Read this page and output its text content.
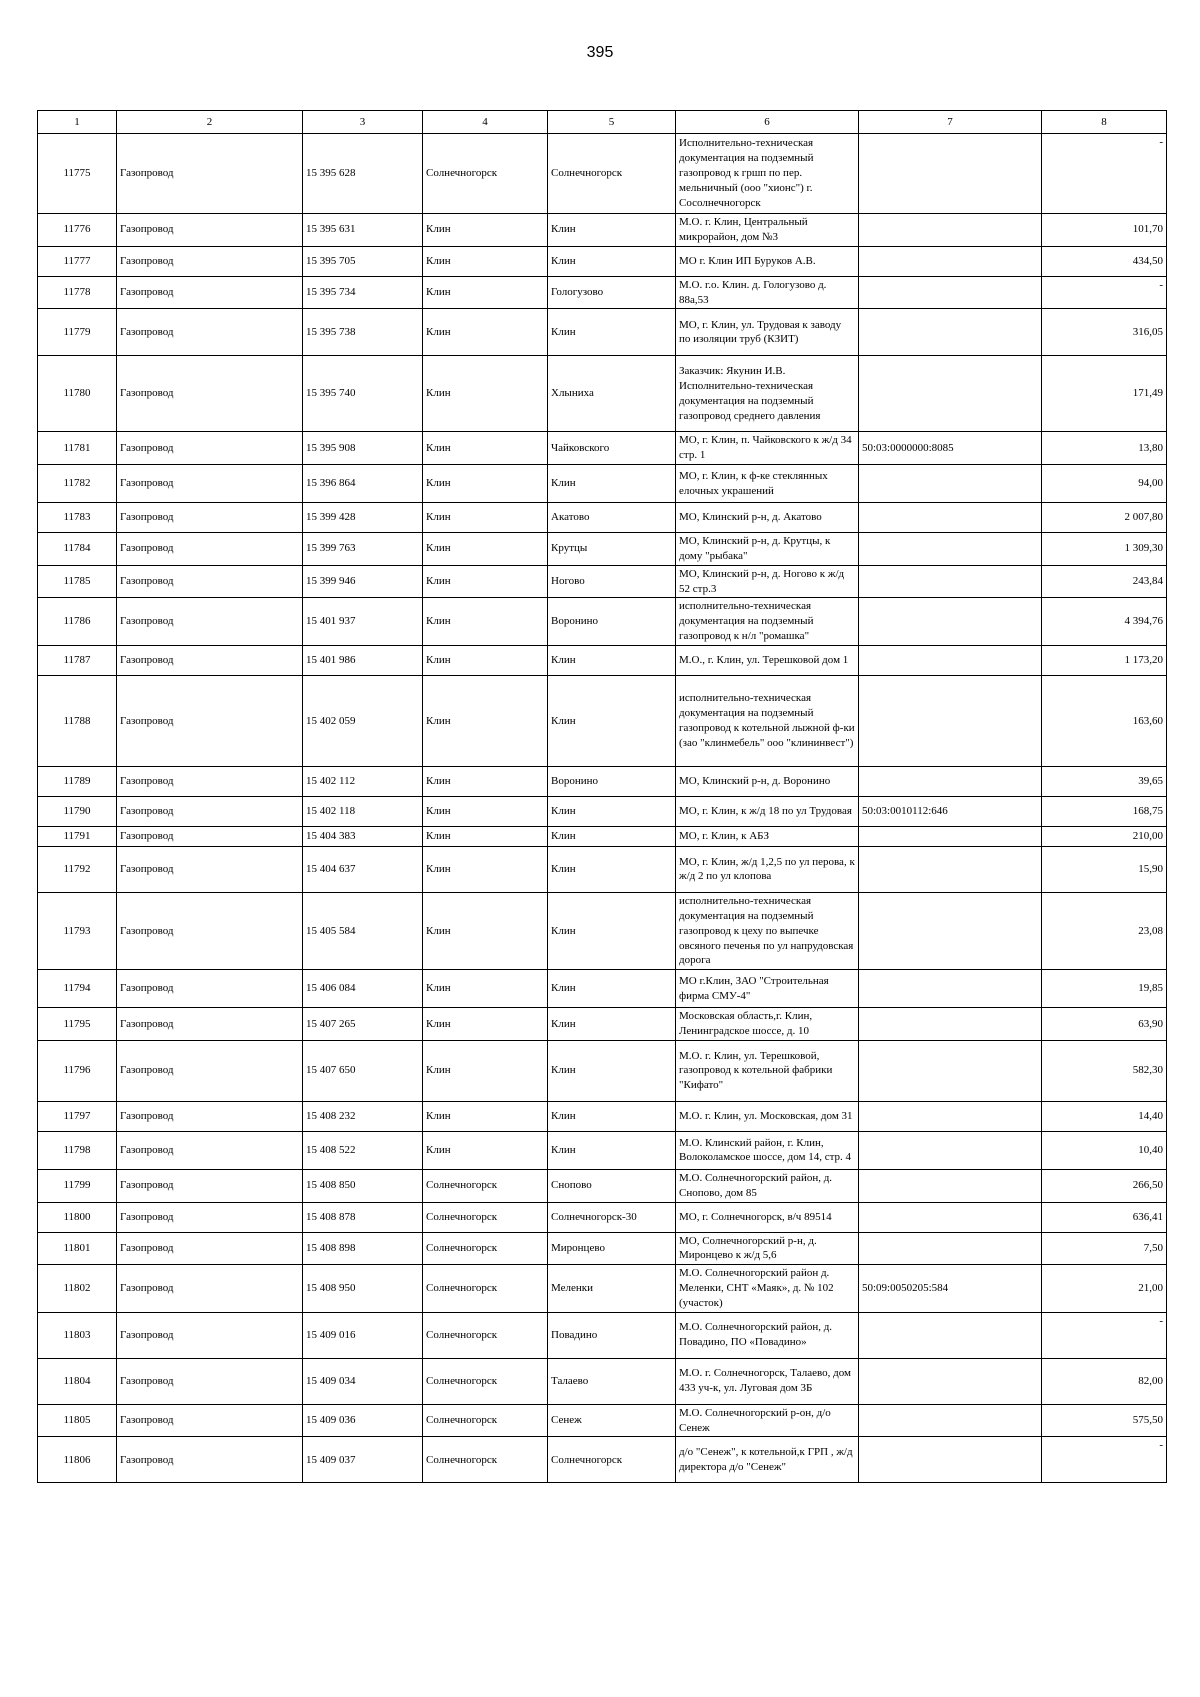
395
1	2	3	4	5	6	7	8
11775	Газопровод	15 395 628	Солнечногорск	Солнечногорск	Исполнительно-техническая документация на подземный газопровод к гршп по пер. мельничный (ооо "хионс") г. Сосолнечногорск		-
11776	Газопровод	15 395 631	Клин	Клин	М.О. г. Клин, Центральный микрорайон, дом №3		101,70
11777	Газопровод	15 395 705	Клин	Клин	МО г. Клин ИП Буруков А.В.		434,50
11778	Газопровод	15 395 734	Клин	Гологузово	М.О. г.о. Клин. д. Гологузово д. 88а,53		-
11779	Газопровод	15 395 738	Клин	Клин	МО, г. Клин, ул. Трудовая к заводу по изоляции труб (КЗИТ)		316,05
11780	Газопровод	15 395 740	Клин	Хлыниха	Заказчик: Якунин И.В. Исполнительно-техническая документация на подземный газопровод среднего давления		171,49
11781	Газопровод	15 395 908	Клин	Чайковского	МО, г. Клин, п. Чайковского к ж/д 34 стр. 1	50:03:0000000:8085	13,80
11782	Газопровод	15 396 864	Клин	Клин	МО, г. Клин, к ф-ке стеклянных елочных украшений		94,00
11783	Газопровод	15 399 428	Клин	Акатово	МО, Клинский р-н, д. Акатово		2 007,80
11784	Газопровод	15 399 763	Клин	Крутцы	МО, Клинский р-н, д. Крутцы, к дому "рыбака"		1 309,30
11785	Газопровод	15 399 946	Клин	Ногово	МО, Клинский р-н, д. Ногово к ж/д 52 стр.3		243,84
11786	Газопровод	15 401 937	Клин	Воронино	исполнительно-техническая документация на подземный газопровод к н/л "ромашка"		4 394,76
11787	Газопровод	15 401 986	Клин	Клин	М.О., г. Клин, ул. Терешковой дом 1		1 173,20
11788	Газопровод	15 402 059	Клин	Клин	исполнительно-техническая документация на подземный газопровод к котельной лыжной ф-ки (зао "клинмебель" ооо "клининвест")		163,60
11789	Газопровод	15 402 112	Клин	Воронино	МО, Клинский р-н, д. Воронино		39,65
11790	Газопровод	15 402 118	Клин	Клин	МО, г. Клин, к ж/д 18 по ул Трудовая	50:03:0010112:646	168,75
11791	Газопровод	15 404 383	Клин	Клин	МО, г. Клин, к АБЗ		210,00
11792	Газопровод	15 404 637	Клин	Клин	МО, г. Клин, ж/д 1,2,5 по ул перова, к ж/д 2 по ул клопова		15,90
11793	Газопровод	15 405 584	Клин	Клин	исполнительно-техническая документация на подземный газопровод к цеху по выпечке овсяного печенья по ул напрудовская дорога		23,08
11794	Газопровод	15 406 084	Клин	Клин	МО г.Клин, ЗАО "Строительная фирма СМУ-4"		19,85
11795	Газопровод	15 407 265	Клин	Клин	Московская область,г. Клин, Ленинградское шоссе, д. 10		63,90
11796	Газопровод	15 407 650	Клин	Клин	М.О. г. Клин, ул. Терешковой, газопровод к котельной фабрики "Кифато"		582,30
11797	Газопровод	15 408 232	Клин	Клин	М.О. г. Клин, ул. Московская, дом 31		14,40
11798	Газопровод	15 408 522	Клин	Клин	М.О. Клинский район, г. Клин, Волоколамское шоссе, дом 14, стр. 4		10,40
11799	Газопровод	15 408 850	Солнечногорск	Снопово	М.О. Солнечногорский район, д. Снопово, дом 85		266,50
11800	Газопровод	15 408 878	Солнечногорск	Солнечногорск-30	МО, г. Солнечногорск, в/ч 89514		636,41
11801	Газопровод	15 408 898	Солнечногорск	Миронцево	МО, Солнечногорский р-н, д. Миронцево к ж/д 5,6		7,50
11802	Газопровод	15 408 950	Солнечногорск	Меленки	М.О. Солнечногорский район д. Меленки, СНТ «Маяк», д. № 102 (участок)	50:09:0050205:584	21,00
11803	Газопровод	15 409 016	Солнечногорск	Повадино	М.О. Солнечногорский район, д. Повадино, ПО «Повадино»		-
11804	Газопровод	15 409 034	Солнечногорск	Талаево	М.О. г. Солнечногорск, Талаево, дом 433 уч-к, ул. Луговая дом 3Б		82,00
11805	Газопровод	15 409 036	Солнечногорск	Сенеж	М.О. Солнечногорский р-он, д/о Сенеж		575,50
11806	Газопровод	15 409 037	Солнечногорск	Солнечногорск	д/о "Сенеж", к котельной,к ГРП , ж/д директора д/о "Сенеж"		-
